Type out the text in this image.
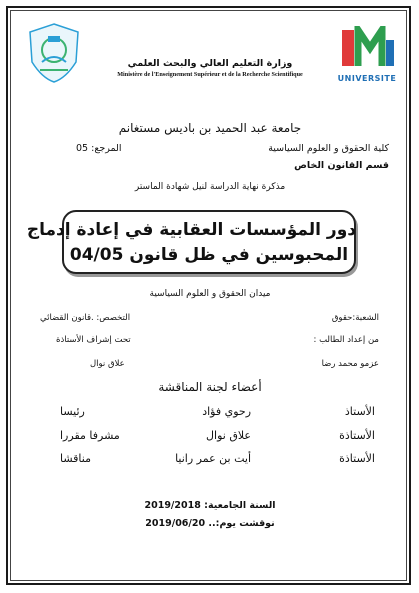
UNIVERSITE
وزارة التعليم العالي والبحث العلمي
Ministère de l'Enseignement Supérieur et de la Recherche Scientifique
جامعة عبد الحميد بن باديس مستغانم
كلية الحقوق و العلوم السياسية
المرجع: 05
قسم القانون الخاص
مذكرة نهاية الدراسة لنيل شهادة الماستر
دور المؤسسات العقابية في إعادة إدماج
المحبوسين في ظل قانون 04/05
ميدان الحقوق و العلوم السياسية
الشعبة:حقوق
التخصص: .قانون القضائي
من إعداد الطالب :
تحت إشراف الأستاذة
عزمو محمد رضا
علاق نوال
أعضاء لجنة المناقشة
الأستاذ
رحوي فؤاد
رئيسا
الأستاذة
علاق نوال
مشرفا مقررا
الأستاذة
أيت بن عمر رانيا
مناقشا
السنة الجامعية: 2019/2018
نوقشت يوم:.. 2019/06/20
